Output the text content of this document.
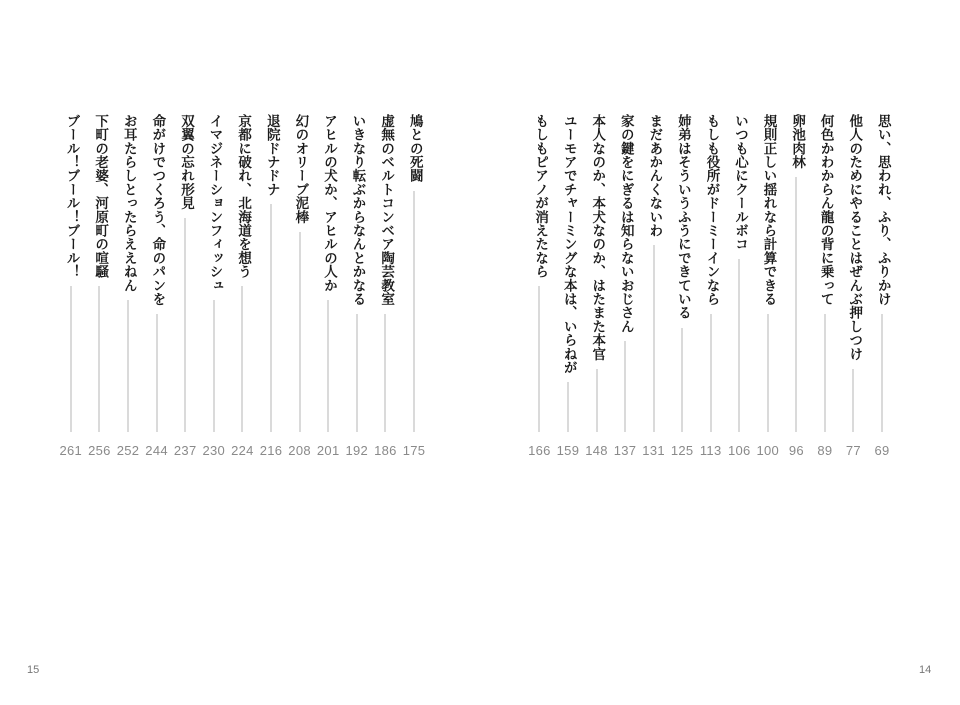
鳩との死闘
175
虚無のベルトコンベア陶芸教室
186
いきなり転ぶからなんとかなる
192
アヒルの犬か、アヒルの人か
201
幻のオリーブ泥棒
208
退院ドナドナ
216
京都に破れ、北海道を想う
224
イマジネーションフィッシュ
230
双翼の忘れ形見
237
命がけでつくろう、命のパンを
244
お耳たらしとったらええねん
252
下町の老婆、河原町の喧騒
256
ブール！ブール！ブール！
261
思い、思われ、ふり、ふりかけ
69
他人のためにやることはぜんぶ押しつけ
77
何色かわからん龍の背に乗って
89
卵池肉林
96
規則正しい揺れなら計算できる
100
いつも心にクールボコ
106
もしも役所がドーミーインなら
113
姉弟はそういうふうにできている
125
まだあかんくないわ
131
家の鍵をにぎるは知らないおじさん
137
本人なのか、本犬なのか、はたまた本官
148
ユーモアでチャーミングな本は、いらねが
159
もしもピアノが消えたなら
166
15	14
